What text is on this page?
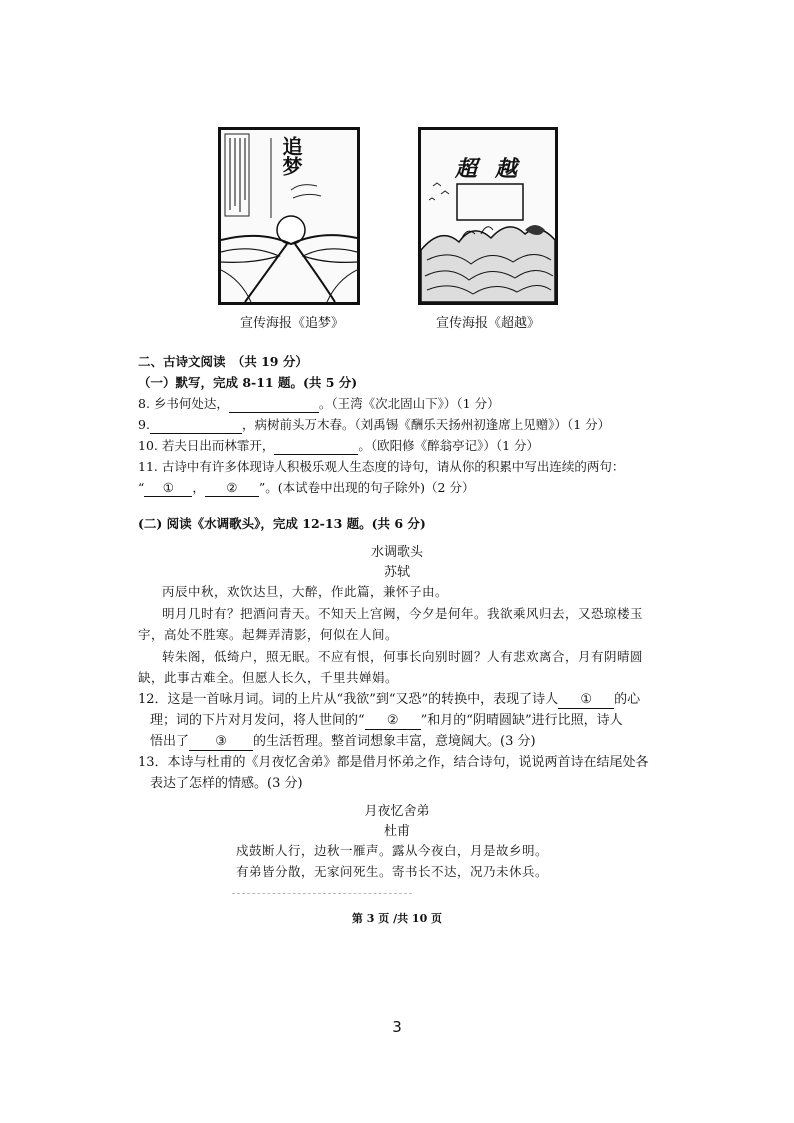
追梦
宣传海报《追梦》
超越
宣传海报《超越》
二、古诗文阅读　（共 19 分）
（一）默写，完成 8-11 题。(共 5 分)
8. 乡书何处达，	。（王湾《次北固山下》）（1 分）
9.	，病树前头万木春。（刘禹锡《酬乐天扬州初逢席上见赠》）（1 分）
10. 若夫日出而林霏开，	。（欧阳修《醉翁亭记》）（1 分）
11. 古诗中有许多体现诗人积极乐观人生态度的诗句，请从你的积累中写出连续的两句：
“ ① ， ② ”。(本试卷中出现的句子除外)（2 分）
(二) 阅读《水调歌头》，完成 12-13 题。(共 6 分)
水调歌头
苏轼
丙辰中秋，欢饮达旦，大醉，作此篇，兼怀子由。
明月几时有？把酒问青天。不知天上宫阙，今夕是何年。我欲乘风归去，又恐琼楼玉
宇，高处不胜寒。起舞弄清影，何似在人间。
转朱阁，低绮户，照无眠。不应有恨，何事长向别时圆？人有悲欢离合，月有阴晴圆
缺，此事古难全。但愿人长久，千里共婵娟。
12．这是一首咏月词。词的上片从“我欲”到“又恐”的转换中，表现了诗人 ① 的心
理；词的下片对月发问，将人世间的“ ② ”和月的“阴晴圆缺”进行比照，诗人
悟出了 ③ 的生活哲理。整首词想象丰富，意境阔大。(3 分)
13．本诗与杜甫的《月夜忆舍弟》都是借月怀弟之作，结合诗句，说说两首诗在结尾处各
表达了怎样的情感。(3 分)
月夜忆舍弟
杜甫
戍鼓断人行，边秋一雁声。露从今夜白，月是故乡明。
有弟皆分散，无家问死生。寄书长不达，况乃未休兵。
第 3 页 /共 10 页
3
